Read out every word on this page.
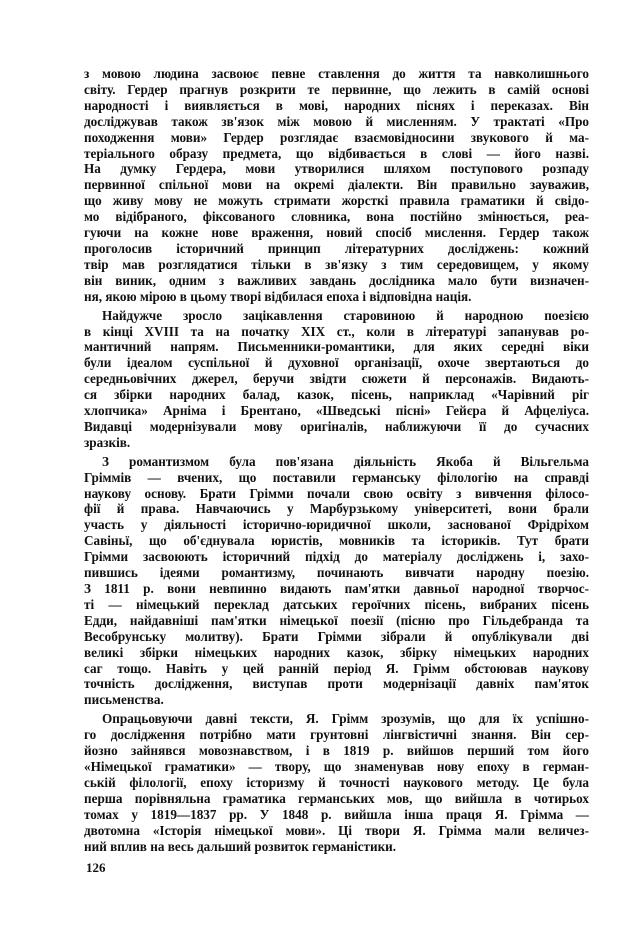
з мовою людина засвоює певне ставлення до життя та навколишнього
світу. Гердер прагнув розкрити те первинне, що лежить в самій основі
народності і виявляється в мові, народних піснях і переказах. Він
досліджував також зв'язок між мовою й мисленням. У трактаті «Про
походження мови» Гердер розглядає взаємовідносини звукового й ма-
теріального образу предмета, що відбивається в слові — його назві.
На думку Гердера, мови утворилися шляхом поступового розпаду
первинної спільної мови на окремі діалекти. Він правильно зауважив,
що живу мову не можуть стримати жорсткі правила граматики й свідо-
мо відібраного, фіксованого словника, вона постійно змінюється, реа-
гуючи на кожне нове враження, новий спосіб мислення. Гердер також
проголосив історичний принцип літературних досліджень: кожний
твір мав розглядатися тільки в зв'язку з тим середовищем, у якому
він виник, одним з важливих завдань дослідника мало бути визначен-
ня, якою мірою в цьому творі відбилася епоха і відповідна нація.
Найдужче зросло зацікавлення старовиною й народною поезією
в кінці XVIII та на початку XIX ст., коли в літературі запанував ро-
мантичний напрям. Письменники-романтики, для яких середні віки
були ідеалом суспільної й духовної організації, охоче звертаються до
середньовічних джерел, беручи звідти сюжети й персонажів. Видають-
ся збірки народних балад, казок, пісень, наприклад «Чарівний ріг
хлопчика» Арніма і Брентано, «Шведські пісні» Гейєра й Афцеліуса.
Видавці модернізували мову оригіналів, наближуючи її до сучасних
зразків.
З романтизмом була пов'язана діяльність Якоба й Вільгельма
Гріммів — вчених, що поставили германську філологію на справді
наукову основу. Брати Грімми почали свою освіту з вивчення філосо-
фії й права. Навчаючись у Марбурзькому університеті, вони брали
участь у діяльності історично-юридичної школи, заснованої Фрідріхом
Савіньї, що об'єднувала юристів, мовників та істориків. Тут брати
Грімми засвоюють історичний підхід до матеріалу досліджень і, захо-
пившись ідеями романтизму, починають вивчати народну поезію.
З 1811 р. вони невпинно видають пам'ятки давньої народної творчос-
ті — німецький переклад датських героїчних пісень, вибраних пісень
Едди, найдавніші пам'ятки німецької поезії (пісню про Гільдебранда та
Весобрунську молитву). Брати Грімми зібрали й опублікували дві
великі збірки німецьких народних казок, збірку німецьких народних
саг тощо. Навіть у цей ранній період Я. Грімм обстоював наукову
точність дослідження, виступав проти модернізації давніх пам'яток
письменства.
Опрацьовуючи давні тексти, Я. Грімм зрозумів, що для їх успішно-
го дослідження потрібно мати грунтовні лінгвістичні знання. Він сер-
йозно зайнявся мовознавством, і в 1819 р. вийшов перший том його
«Німецької граматики» — твору, що знаменував нову епоху в герман-
ській філології, епоху історизму й точності наукового методу. Це була
перша порівняльна граматика германських мов, що вийшла в чотирьох
томах у 1819—1837 рр. У 1848 р. вийшла інша праця Я. Грімма —
двотомна «Історія німецької мови». Ці твори Я. Грімма мали величез-
ний вплив на весь дальший розвиток германістики.
126
